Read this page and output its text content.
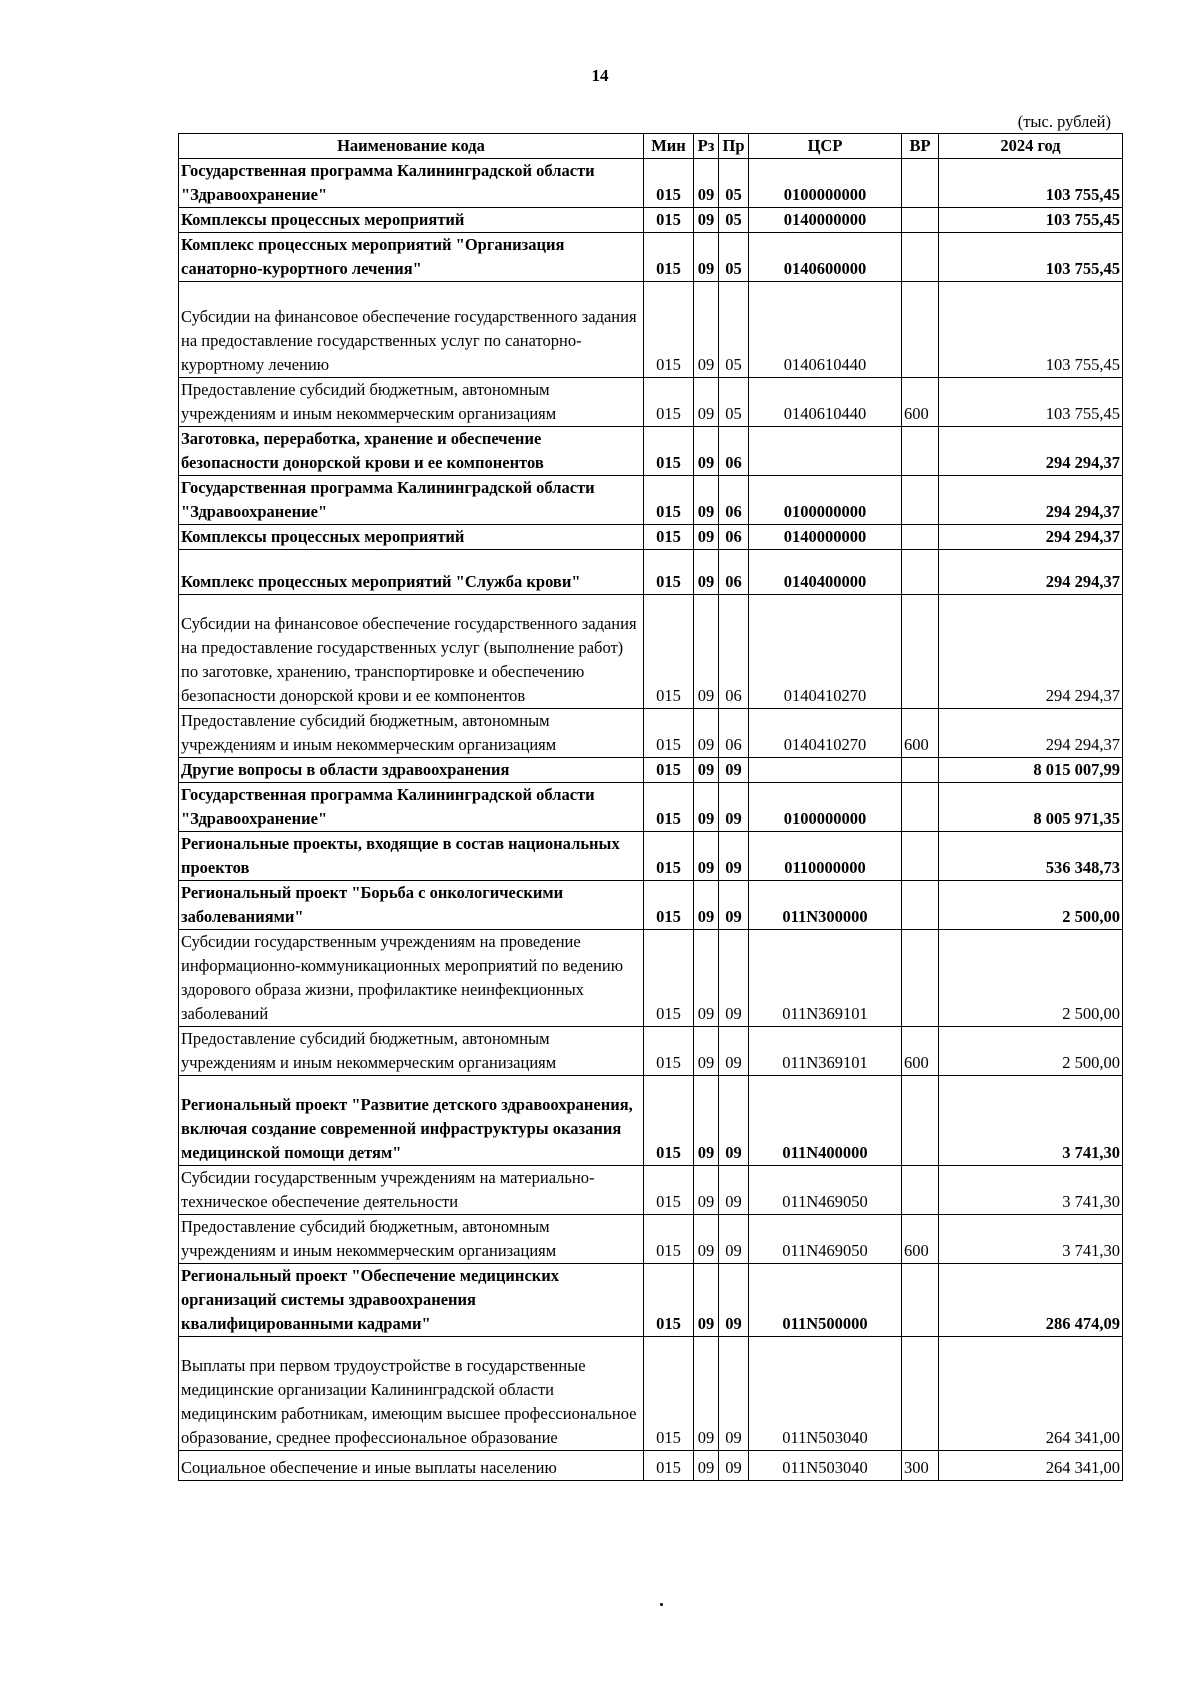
14
(тыс. рублей)
Наименование кода	Мин	Рз	Пр	ЦСР	ВР	2024 год
Государственная программа Калининградской области "Здравоохранение"	015	09	05	0100000000		103 755,45
Комплексы процессных мероприятий	015	09	05	0140000000		103 755,45
Комплекс процессных мероприятий "Организация санаторно-курортного лечения"	015	09	05	0140600000		103 755,45
Субсидии на финансовое обеспечение государственного задания на предоставление государственных услуг по санаторно-курортному лечению	015	09	05	0140610440		103 755,45
Предоставление субсидий бюджетным, автономным учреждениям и иным некоммерческим организациям	015	09	05	0140610440	600	103 755,45
Заготовка, переработка, хранение и обеспечение безопасности донорской крови и ее компонентов	015	09	06			294 294,37
Государственная программа Калининградской области "Здравоохранение"	015	09	06	0100000000		294 294,37
Комплексы процессных мероприятий	015	09	06	0140000000		294 294,37
Комплекс процессных мероприятий "Служба крови"	015	09	06	0140400000		294 294,37
Субсидии на финансовое обеспечение государственного задания на предоставление государственных услуг (выполнение работ) по заготовке, хранению, транспортировке и обеспечению безопасности донорской крови и ее компонентов	015	09	06	0140410270		294 294,37
Предоставление субсидий бюджетным, автономным учреждениям и иным некоммерческим организациям	015	09	06	0140410270	600	294 294,37
Другие вопросы в области здравоохранения	015	09	09			8 015 007,99
Государственная программа Калининградской области "Здравоохранение"	015	09	09	0100000000		8 005 971,35
Региональные проекты, входящие в состав национальных проектов	015	09	09	0110000000		536 348,73
Региональный проект "Борьба с онкологическими заболеваниями"	015	09	09	011N300000		2 500,00
Субсидии государственным учреждениям на проведение информационно-коммуникационных мероприятий по ведению здорового образа жизни, профилактике неинфекционных заболеваний	015	09	09	011N369101		2 500,00
Предоставление субсидий бюджетным, автономным учреждениям и иным некоммерческим организациям	015	09	09	011N369101	600	2 500,00
Региональный проект "Развитие детского здравоохранения, включая создание современной инфраструктуры оказания медицинской помощи детям"	015	09	09	011N400000		3 741,30
Субсидии государственным учреждениям на материально-техническое обеспечение деятельности	015	09	09	011N469050		3 741,30
Предоставление субсидий бюджетным, автономным учреждениям и иным некоммерческим организациям	015	09	09	011N469050	600	3 741,30
Региональный проект "Обеспечение медицинских организаций системы здравоохранения квалифицированными кадрами"	015	09	09	011N500000		286 474,09
Выплаты при первом трудоустройстве в государственные медицинские организации Калининградской области медицинским работникам, имеющим высшее профессиональное образование, среднее профессиональное образование	015	09	09	011N503040		264 341,00
Социальное обеспечение и иные выплаты населению	015	09	09	011N503040	300	264 341,00
